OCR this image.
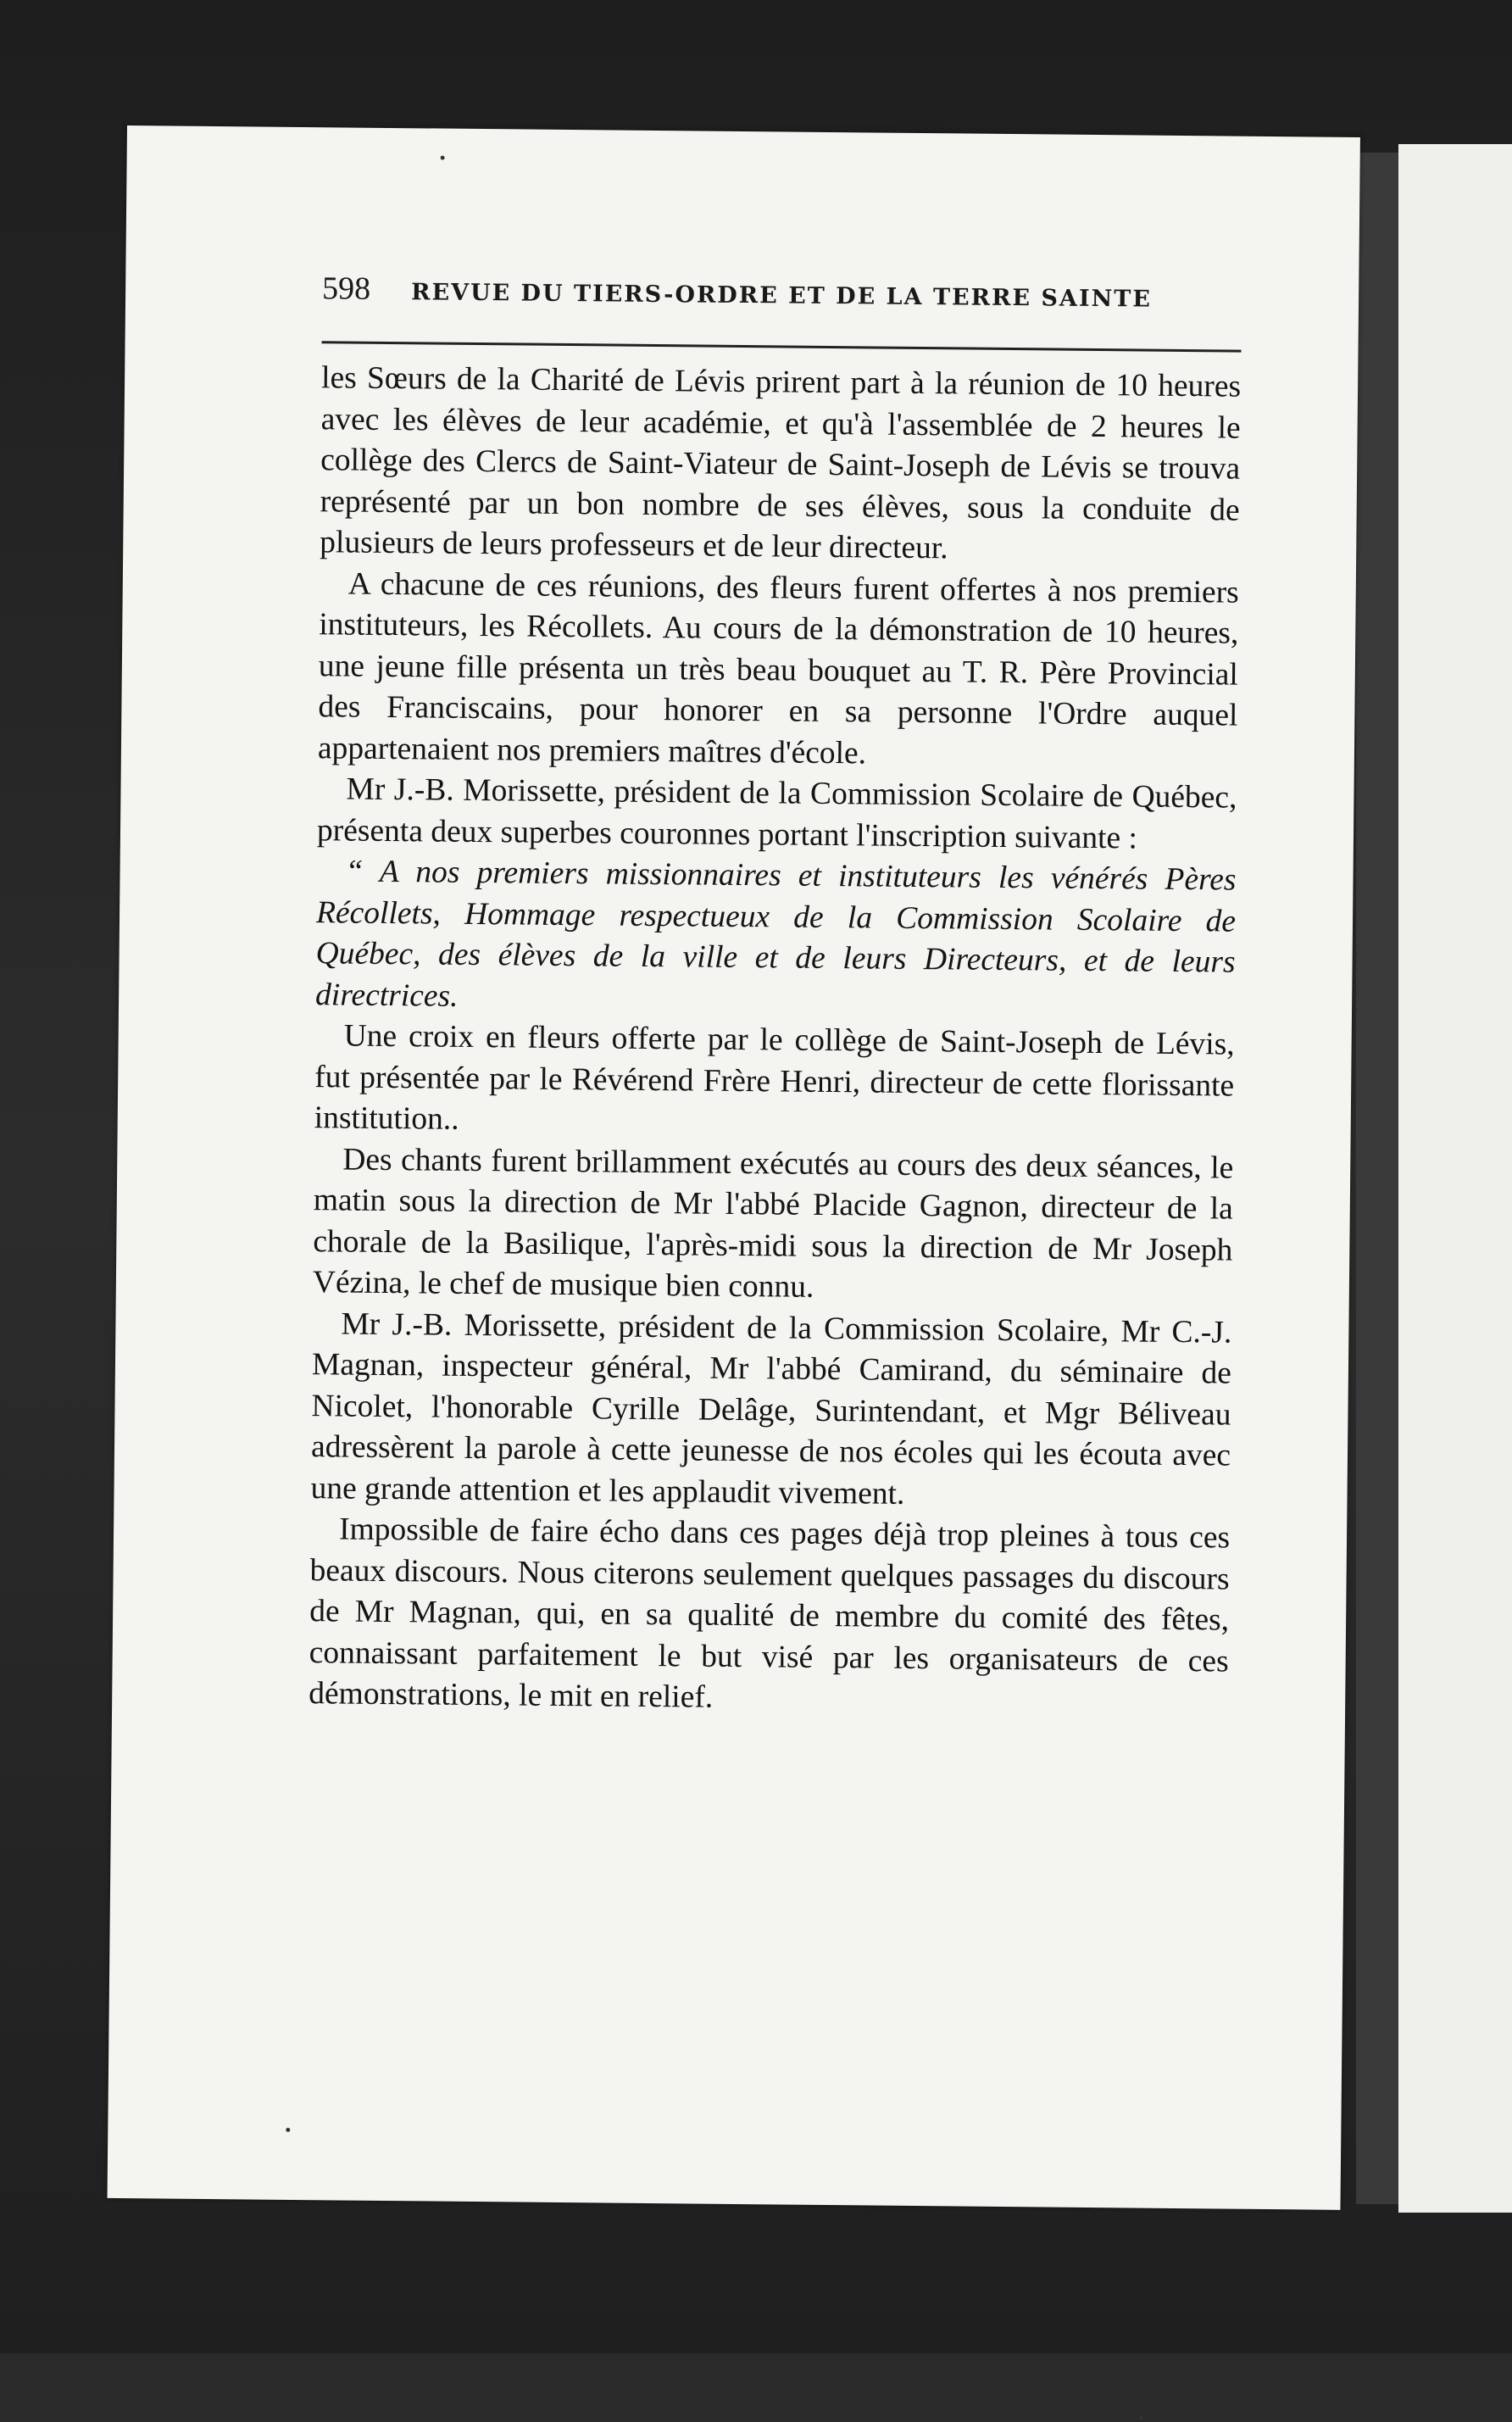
598 REVUE DU TIERS-ORDRE ET DE LA TERRE SAINTE

les Sœurs de la Charité de Lévis prirent part à la réunion de 10 heures avec les élèves de leur académie, et qu'à l'assemblée de 2 heures le collège des Clercs de Saint-Viateur de Saint-Joseph de Lévis se trouva représenté par un bon nombre de ses élèves, sous la conduite de plusieurs de leurs professeurs et de leur directeur.

A chacune de ces réunions, des fleurs furent offertes à nos premiers instituteurs, les Récollets. Au cours de la démonstration de 10 heures, une jeune fille présenta un très beau bouquet au T. R. Père Provincial des Franciscains, pour honorer en sa personne l'Ordre auquel appartenaient nos premiers maîtres d'école.

Mr J.-B. Morissette, président de la Commission Scolaire de Québec, présenta deux superbes couronnes portant l'inscription suivante :

“ A nos premiers missionnaires et instituteurs les vénérés Pères Récollets, Hommage respectueux de la Commission Scolaire de Québec, des élèves de la ville et de leurs Directeurs, et de leurs directrices.

Une croix en fleurs offerte par le collège de Saint-Joseph de Lévis, fut présentée par le Révérend Frère Henri, directeur de cette florissante institution..

Des chants furent brillamment exécutés au cours des deux séances, le matin sous la direction de Mr l'abbé Placide Gagnon, directeur de la chorale de la Basilique, l'après-midi sous la direction de Mr Joseph Vézina, le chef de musique bien connu.

Mr J.-B. Morissette, président de la Commission Scolaire, Mr C.-J. Magnan, inspecteur général, Mr l'abbé Camirand, du séminaire de Nicolet, l'honorable Cyrille Delâge, Surintendant, et Mgr Béliveau adressèrent la parole à cette jeunesse de nos écoles qui les écouta avec une grande attention et les applaudit vivement.

Impossible de faire écho dans ces pages déjà trop pleines à tous ces beaux discours. Nous citerons seulement quelques passages du discours de Mr Magnan, qui, en sa qualité de membre du comité des fêtes, connaissant parfaitement le but visé par les organisateurs de ces démonstrations, le mit en relief.
